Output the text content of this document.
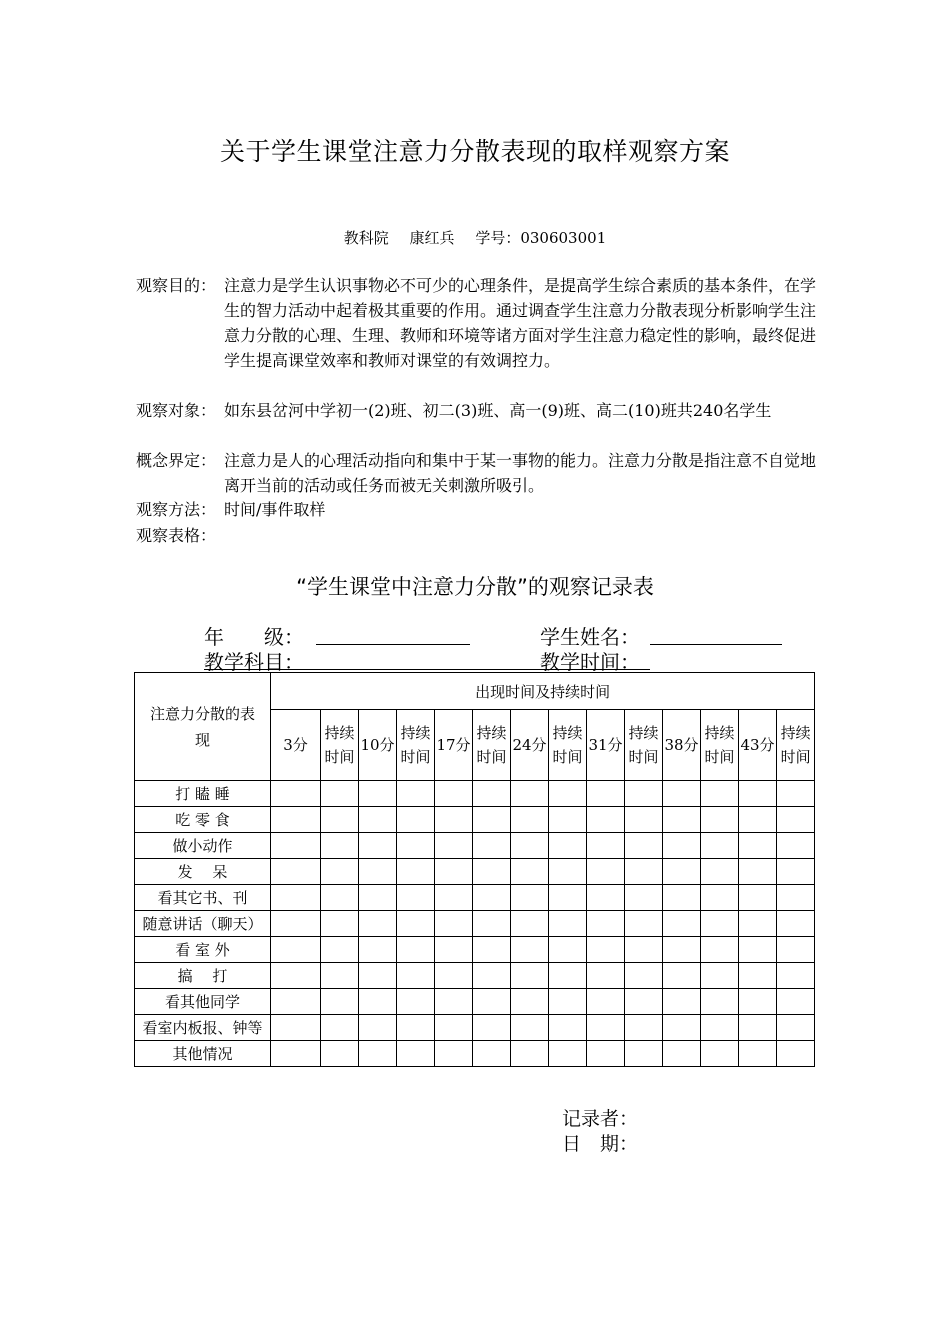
关于学生课堂注意力分散表现的取样观察方案
教科院 康红兵 学号：030603001
观察目的： 注意力是学生认识事物必不可少的心理条件，是提高学生综合素质的基本条件，在学生的智力活动中起着极其重要的作用。通过调查学生注意力分散表现分析影响学生注意力分散的心理、生理、教师和环境等诸方面对学生注意力稳定性的影响，最终促进学生提高课堂效率和教师对课堂的有效调控力。
观察对象： 如东县岔河中学初一(2)班、初二(3)班、高一(9)班、高二(10)班共240名学生
概念界定： 注意力是人的心理活动指向和集中于某一事物的能力。注意力分散是指注意不自觉地离开当前的活动或任务而被无关刺激所吸引。
观察方法： 时间/事件取样
观察表格：
“学生课堂中注意力分散”的观察记录表
年　　级：	学生姓名：
教学科目：	教学时间：
注意力分散的表现	出现时间及持续时间													
	3分	持续时间	10分	持续时间	17分	持续时间	24分	持续时间	31分	持续时间	38分	持续时间	43分	持续时间
打 瞌 睡														
吃 零 食														
做小动作														
发　 呆														
看其它书、刊														
随意讲话（聊天）														
看 室 外														
搞　 打														
看其他同学														
看室内板报、钟等														
其他情况														
记录者：
日　期：
